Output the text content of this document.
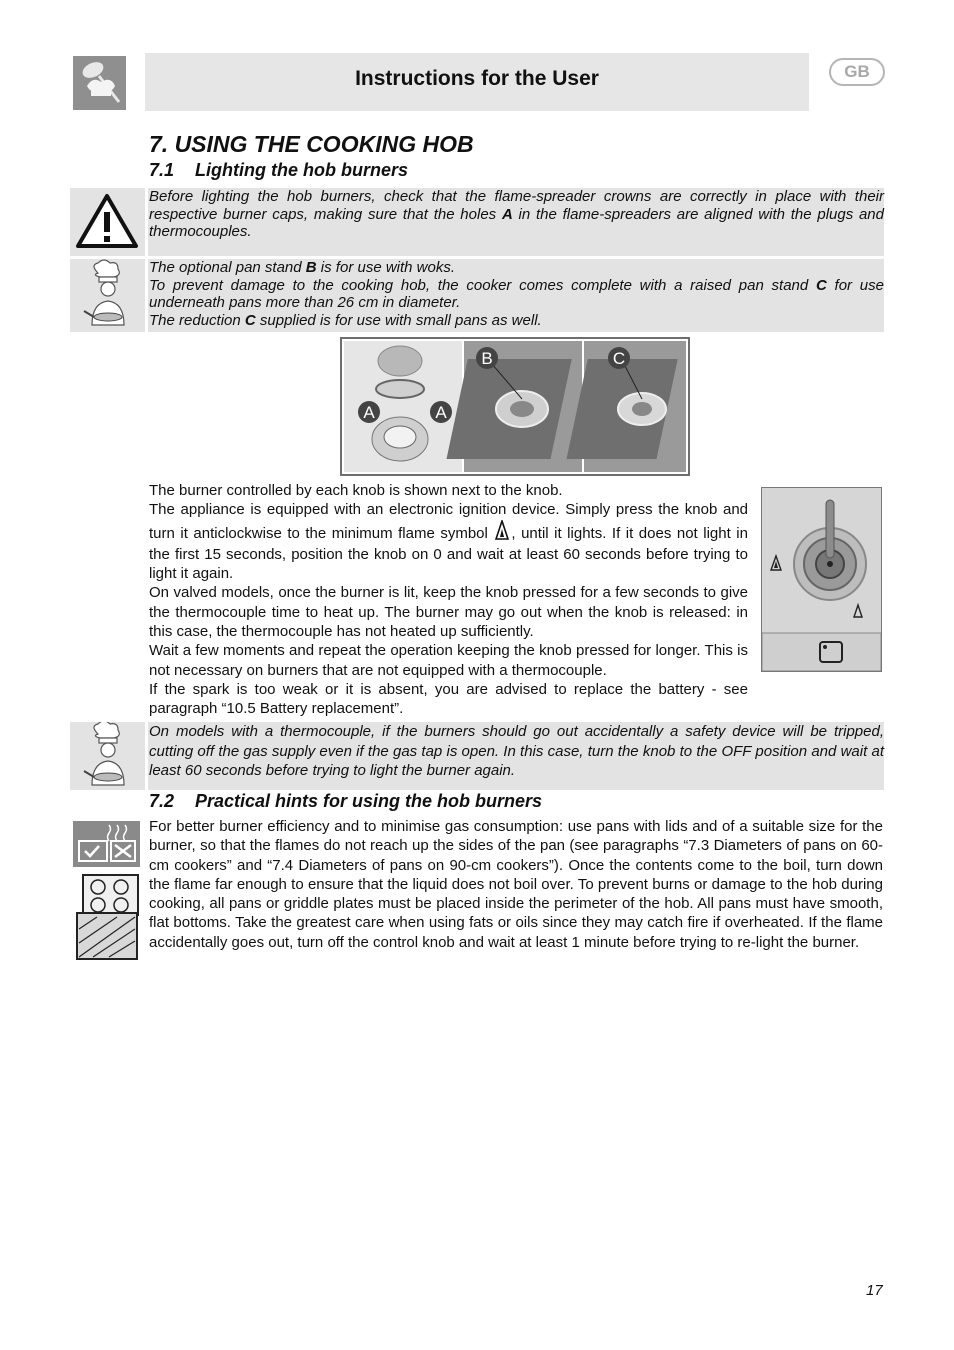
Instructions for the User	GB
7. USING THE COOKING HOB
7.1 Lighting the hob burners
Before lighting the hob burners, check that the flame-spreader crowns are correctly in place with their respective burner caps, making sure that the holes A in the flame-spreaders are aligned with the plugs and thermocouples.

The optional pan stand B is for use with woks.

To prevent damage to the cooking hob, the cooker comes complete with a raised pan stand C for use underneath pans more than 26 cm in diameter.

The reduction C supplied is for use with small pans as well.

A	A
B	C

The burner controlled by each knob is shown next to the knob.

The appliance is equipped with an electronic ignition device. Simply press the knob and turn it anticlockwise to the minimum flame symbol , until it lights. If it does not light in the first 15 seconds, position the knob on 0 and wait at least 60 seconds before trying to light it again.

On valved models, once the burner is lit, keep the knob pressed for a few seconds to give the thermocouple time to heat up. The burner may go out when the knob is released: in this case, the thermocouple has not heated up sufficiently.

Wait a few moments and repeat the operation keeping the knob pressed for longer. This is not necessary on burners that are not equipped with a thermocouple.

If the spark is too weak or it is absent, you are advised to replace the battery - see paragraph “10.5 Battery replacement”.

On models with a thermocouple, if the burners should go out accidentally a safety device will be tripped, cutting off the gas supply even if the gas tap is open. In this case, turn the knob to the OFF position and wait at least 60 seconds before trying to light the burner again.
7.2 Practical hints for using the hob burners
For better burner efficiency and to minimise gas consumption: use pans with lids and of a suitable size for the burner, so that the flames do not reach up the sides of the pan (see paragraphs “7.3 Diameters of pans on 60-cm cookers” and “7.4 Diameters of pans on 90-cm cookers”). Once the contents come to the boil, turn down the flame far enough to ensure that the liquid does not boil over. To prevent burns or damage to the hob during cooking, all pans or griddle plates must be placed inside the perimeter of the hob. All pans must have smooth, flat bottoms. Take the greatest care when using fats or oils since they may catch fire if overheated. If the flame accidentally goes out, turn off the control knob and wait at least 1 minute before trying to re-light the burner.
17
